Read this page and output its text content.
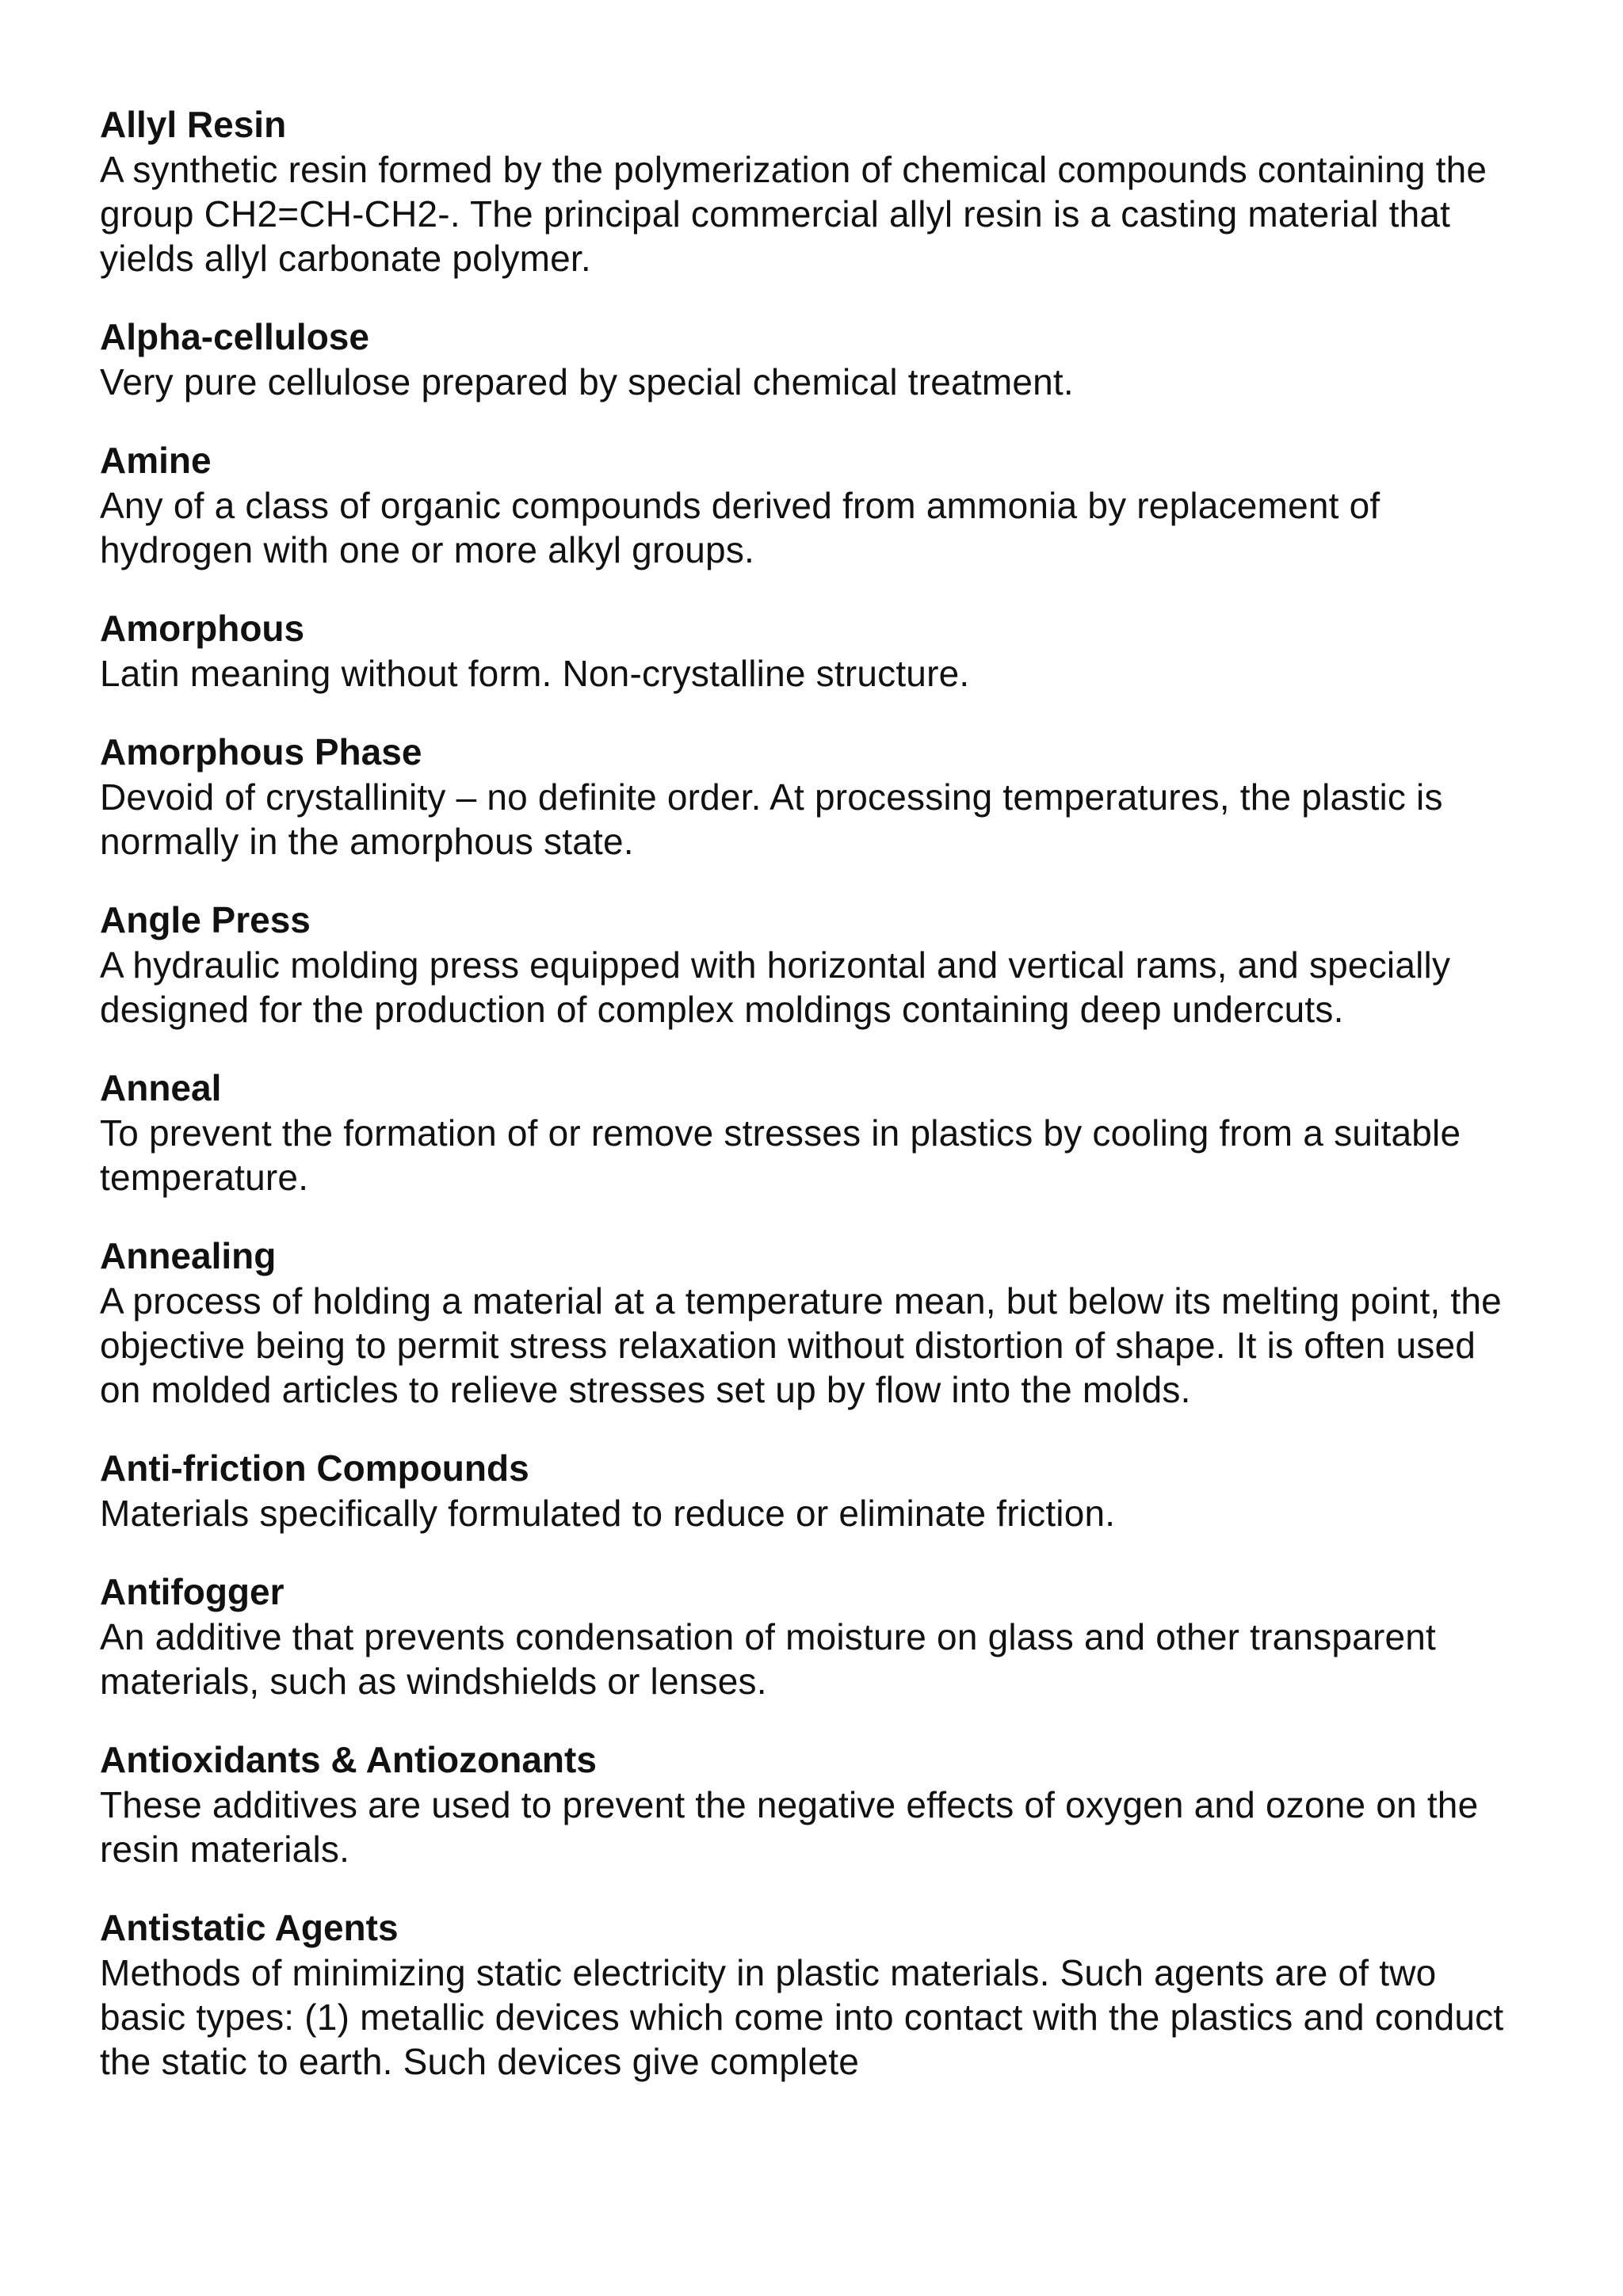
Allyl Resin

A synthetic resin formed by the polymerization of chemical compounds containing the group CH2=CH-CH2-. The principal commercial allyl resin is a casting material that yields allyl carbonate polymer.

Alpha-cellulose

Very pure cellulose prepared by special chemical treatment.

Amine

Any of a class of organic compounds derived from ammonia by replacement of hydrogen with one or more alkyl groups.

Amorphous

Latin meaning without form. Non-crystalline structure.

Amorphous Phase

Devoid of crystallinity – no definite order. At processing temperatures, the plastic is normally in the amorphous state.

Angle Press

A hydraulic molding press equipped with horizontal and vertical rams, and specially designed for the production of complex moldings containing deep undercuts.

Anneal

To prevent the formation of or remove stresses in plastics by cooling from a suitable temperature.

Annealing

A process of holding a material at a temperature mean, but below its melting point, the objective being to permit stress relaxation without distortion of shape. It is often used on molded articles to relieve stresses set up by flow into the molds.

Anti-friction Compounds

Materials specifically formulated to reduce or eliminate friction.

Antifogger

An additive that prevents condensation of moisture on glass and other transparent materials, such as windshields or lenses.

Antioxidants & Antiozonants

These additives are used to prevent the negative effects of oxygen and ozone on the resin materials.

Antistatic Agents

Methods of minimizing static electricity in plastic materials. Such agents are of two basic types: (1) metallic devices which come into contact with the plastics and conduct the static to earth. Such devices give complete
